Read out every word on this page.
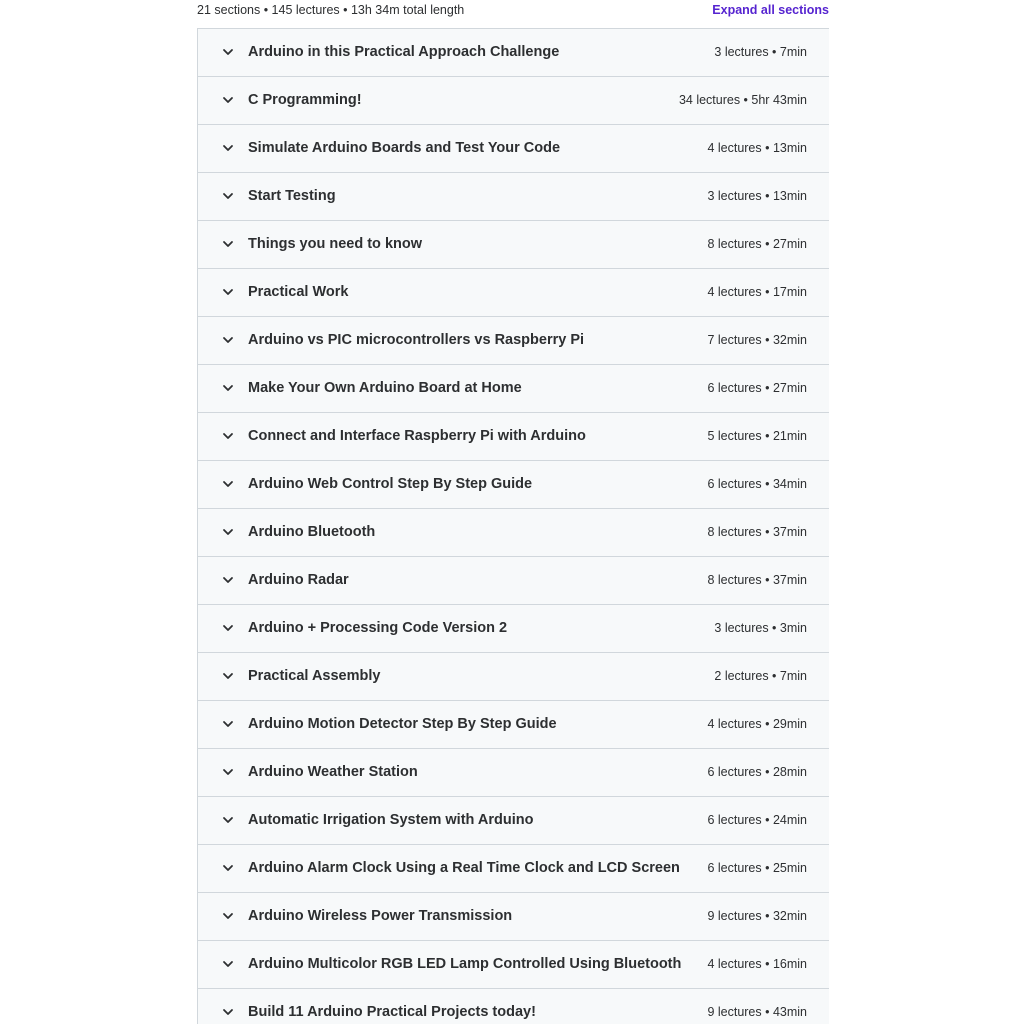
21 sections • 145 lectures • 13h 34m total length	Expand all sections
Arduino in this Practical Approach Challenge	3 lectures • 7min
C Programming!	34 lectures • 5hr 43min
Simulate Arduino Boards and Test Your Code	4 lectures • 13min
Start Testing	3 lectures • 13min
Things you need to know	8 lectures • 27min
Practical Work	4 lectures • 17min
Arduino vs PIC microcontrollers vs Raspberry Pi	7 lectures • 32min
Make Your Own Arduino Board at Home	6 lectures • 27min
Connect and Interface Raspberry Pi with Arduino	5 lectures • 21min
Arduino Web Control Step By Step Guide	6 lectures • 34min
Arduino Bluetooth	8 lectures • 37min
Arduino Radar	8 lectures • 37min
Arduino + Processing Code Version 2	3 lectures • 3min
Practical Assembly	2 lectures • 7min
Arduino Motion Detector Step By Step Guide	4 lectures • 29min
Arduino Weather Station	6 lectures • 28min
Automatic Irrigation System with Arduino	6 lectures • 24min
Arduino Alarm Clock Using a Real Time Clock and LCD Screen 6 lectures • 25min
Arduino Wireless Power Transmission	9 lectures • 32min
Arduino Multicolor RGB LED Lamp Controlled Using Bluetooth 4 lectures • 16min
Build 11 Arduino Practical Projects today!	9 lectures • 43min
